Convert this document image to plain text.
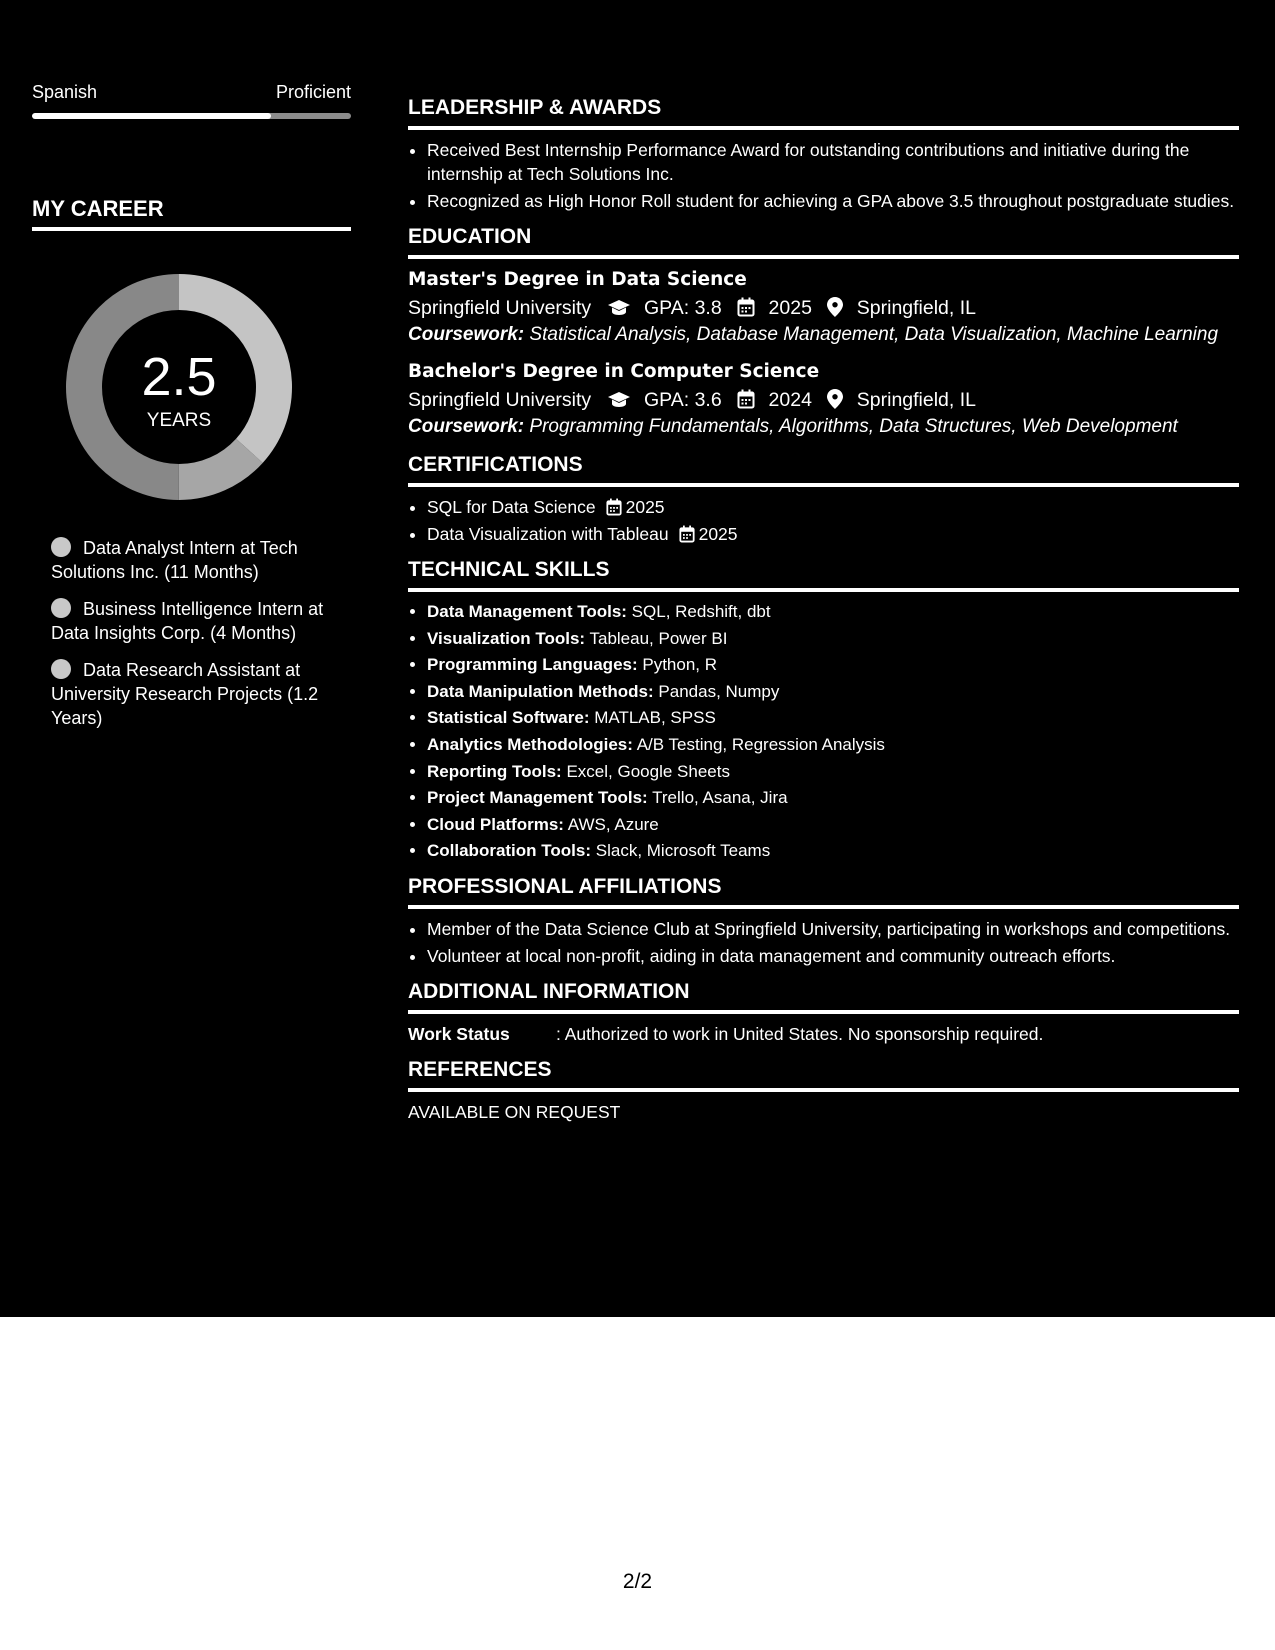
Spanish	Proficient
MY CAREER
2.5
YEARS
Data Analyst Intern at Tech Solutions Inc. (11 Months)
Business Intelligence Intern at Data Insights Corp. (4 Months)
Data Research Assistant at University Research Projects (1.2 Years)
LEADERSHIP & AWARDS
• Received Best Internship Performance Award for outstanding contributions and initiative during the internship at Tech Solutions Inc.
• Recognized as High Honor Roll student for achieving a GPA above 3.5 throughout postgraduate studies.
EDUCATION
Master's Degree in Data Science
Springfield University	GPA: 3.8 2025 Springfield, IL
Coursework: Statistical Analysis, Database Management, Data Visualization, Machine Learning
Bachelor's Degree in Computer Science
Springfield University	GPA: 3.6 2024 Springfield, IL
Coursework: Programming Fundamentals, Algorithms, Data Structures, Web Development
CERTIFICATIONS
• SQL for Data Science 2025
• Data Visualization with Tableau 2025
TECHNICAL SKILLS
• Data Management Tools: SQL, Redshift, dbt
• Visualization Tools: Tableau, Power BI
• Programming Languages: Python, R
• Data Manipulation Methods: Pandas, Numpy
• Statistical Software: MATLAB, SPSS
• Analytics Methodologies: A/B Testing, Regression Analysis
• Reporting Tools: Excel, Google Sheets
• Project Management Tools: Trello, Asana, Jira
• Cloud Platforms: AWS, Azure
• Collaboration Tools: Slack, Microsoft Teams
PROFESSIONAL AFFILIATIONS
• Member of the Data Science Club at Springfield University, participating in workshops and competitions.
• Volunteer at local non-profit, aiding in data management and community outreach efforts.
ADDITIONAL INFORMATION
Work Status	: Authorized to work in United States. No sponsorship required.
REFERENCES
AVAILABLE ON REQUEST
2/2
